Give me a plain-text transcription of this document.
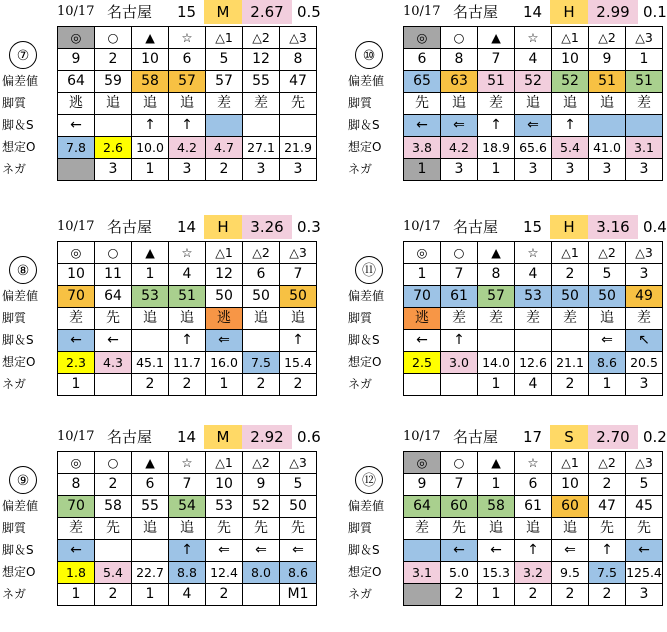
10/17 名古屋 15	M	2.67 0.5
⑦
偏差値
脚質
脚＆S
想定O
ネガ
◎	○	▲	☆	△1	△2	△3
9	2	10	6	5	12	8
64	59	58	57	57	55	47
逃	追	追	追	差	差	先
←		↑	↑			
7.8	2.6	10.0	4.2	4.7	27.1	21.9
	3	1	3	2	3	3
10/17 名古屋 14	H	2.99 0.1
⑩
偏差値
脚質
脚＆S
想定O
ネガ
◎	○	▲	☆	△1	△2	△3
6	8	7	4	10	9	1
65	63	51	52	52	51	51
先	追	差	追	追	追	差
←	⇐	↑	⇐	↑		
3.8	4.2	18.9	65.6	5.4	41.0	3.1
1	3	1	3	3	3	3
10/17 名古屋 14	H	3.26 0.3
⑧
偏差値
脚質
脚＆S
想定O
ネガ
◎	○	▲	☆	△1	△2	△3
10	11	1	4	12	6	7
70	64	53	51	50	50	50
差	先	追	追	逃	追	追
←	←		↑	⇐		↑
2.3	4.3	45.1	11.7	16.0	7.5	15.4
1		2	2	1	2	2
10/17 名古屋 15	H	3.16 0.4
⑪
偏差値
脚質
脚＆S
想定O
ネガ
◎	○	▲	☆	△1	△2	△3
1	7	8	4	2	5	3
70	61	57	53	50	50	49
逃	差	差	差	差	追	差
←	↑				⇐	↖
2.5	3.0	14.0	12.6	21.1	8.6	20.5
		1	4	2	1	3
10/17 名古屋 14	M	2.92 0.6
⑨
偏差値
脚質
脚＆S
想定O
ネガ
◎	○	▲	☆	△1	△2	△3
8	2	6	7	10	9	5
70	58	55	54	53	52	50
差	先	追	追	先	先	先
←			↑	⇐	⇐	⇐
1.8	5.4	22.7	8.8	12.4	8.0	8.6
1	2	1	4	2		M1
10/17 名古屋 17	S	2.70 0.2
⑫
偏差値
脚質
脚＆S
想定O
ネガ
◎	○	▲	☆	△1	△2	△3
9	7	1	6	10	2	5
64	60	58	61	60	47	45
差	先	追	追	追	先	先
	←	←	↑	⇐	↑	←
3.1	5.0	15.3	3.2	9.5	7.5	125.4
	2	1	2	2	2	3
